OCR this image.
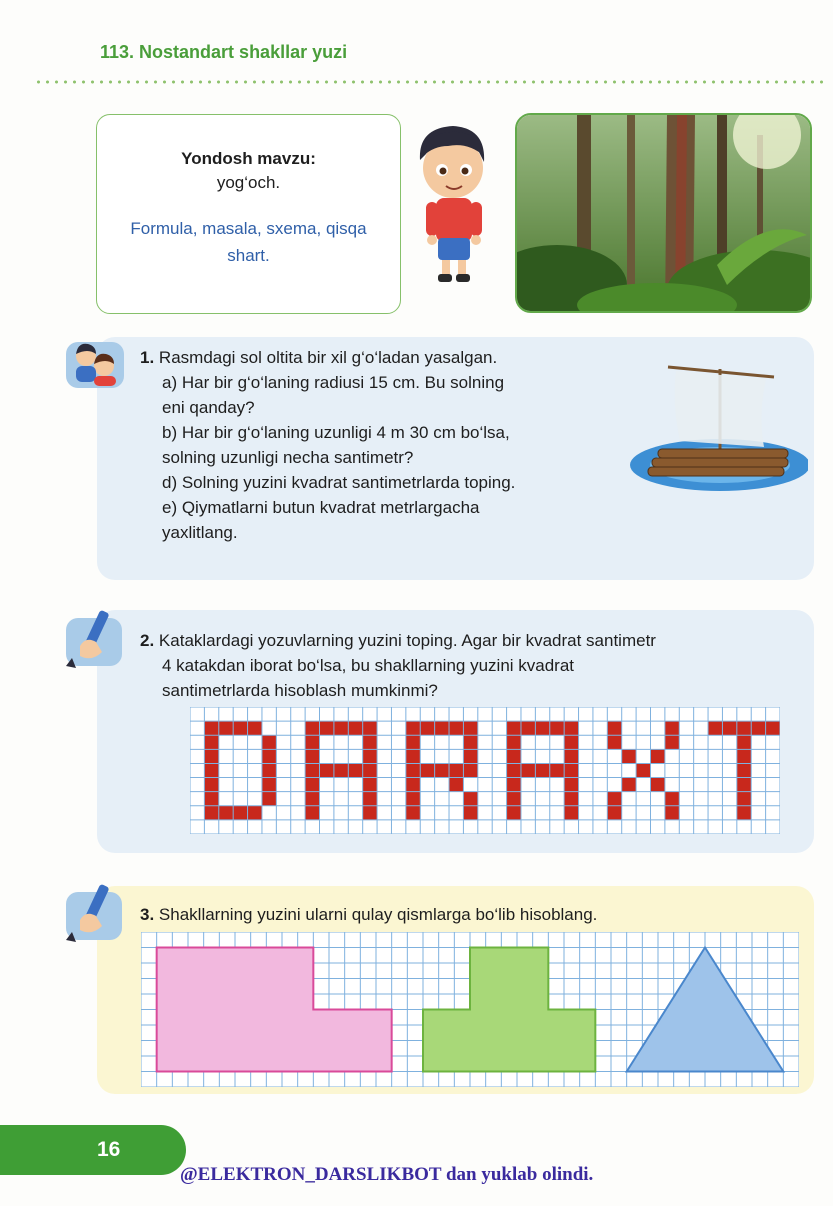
113. Nostandart shakllar yuzi
Yondosh mavzu:
yog‘och.
Formula, masala, sxema, qisqa shart.
1. Rasmdagi sol oltita bir xil g‘o‘ladan yasalgan.
a) Har bir g‘o‘laning radiusi 15 cm. Bu solning
eni qanday?
b) Har bir g‘o‘laning uzunligi 4 m 30 cm bo‘lsa,
solning uzunligi necha santimetr?
d) Solning yuzini kvadrat santimetrlarda toping.
e) Qiymatlarni butun kvadrat metrlargacha
yaxlitlang.
2. Kataklardagi yozuvlarning yuzini toping. Agar bir kvadrat santimetr
4 katakdan iborat bo‘lsa, bu shakllarning yuzini kvadrat
santimetrlarda hisoblash mumkinmi?
3. Shakllarning yuzini ularni qulay qismlarga bo‘lib hisoblang.
16
@ELEKTRON_DARSLIKBOT dan yuklab olindi.
